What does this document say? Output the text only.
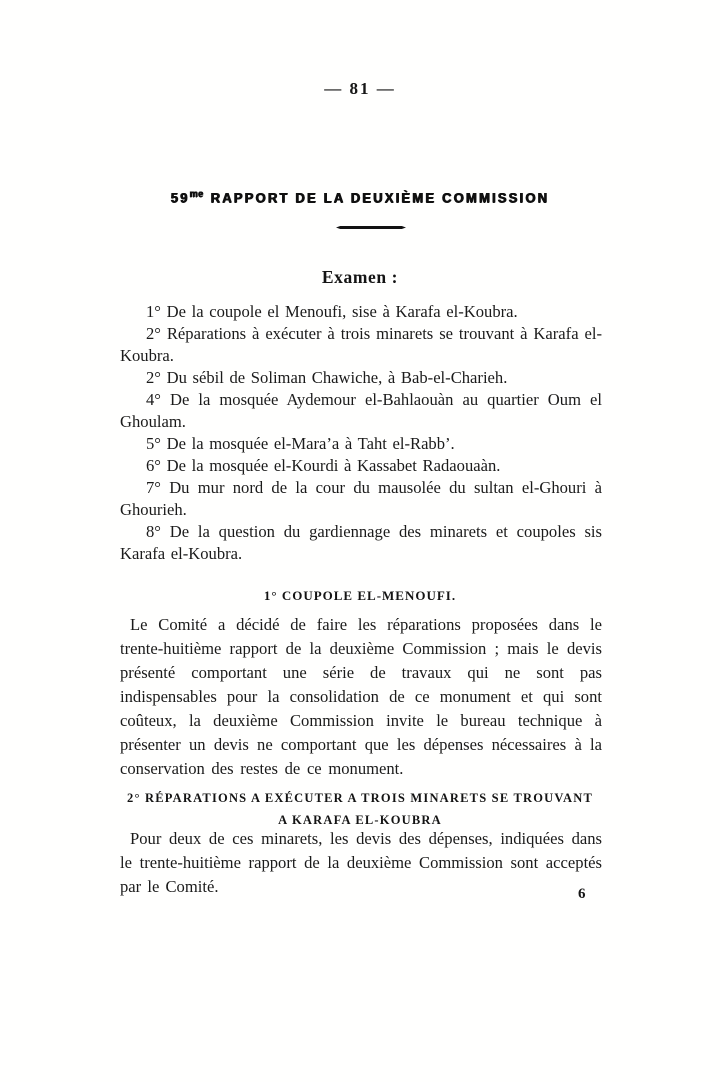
— 81 —
$59^{me}$ RAPPORT DE LA DEUXIÈME COMMISSION
Examen :

1° De la coupole el Menoufi, sise à Karafa el-Koubra.

2° Réparations à exécuter à trois minarets se trouvant à Karafa el-Koubra.

2° Du sébil de Soliman Chawiche, à Bab-el-Charieh.

4° De la mosquée Aydemour el-Bahlaouàn au quartier Oum el Ghoulam.

5° De la mosquée el-Mara’a à Taht el-Rabb’.

6° De la mosquée el-Kourdi à Kassabet Radaouaàn.

7° Du mur nord de la cour du mausolée du sultan el-Ghouri à Ghourieh.

8° De la question du gardiennage des minarets et coupoles sis Karafa el-Koubra.

1° COUPOLE EL-MENOUFI.

Le Comité a décidé de faire les réparations proposées dans le trente-huitième rapport de la deuxième Commission ; mais le devis présenté comportant une série de travaux qui ne sont pas indispensables pour la consolidation de ce monument et qui sont coûteux, la deuxième Commission invite le bureau technique à présenter un devis ne comportant que les dépenses nécessaires à la conservation des restes de ce monument.

2° RÉPARATIONS A EXÉCUTER A TROIS MINARETS SE TROUVANT
A KARAFA EL-KOUBRA

Pour deux de ces minarets, les devis des dépenses, indiquées dans le trente-huitième rapport de la deuxième Commission sont acceptés par le Comité.	6
